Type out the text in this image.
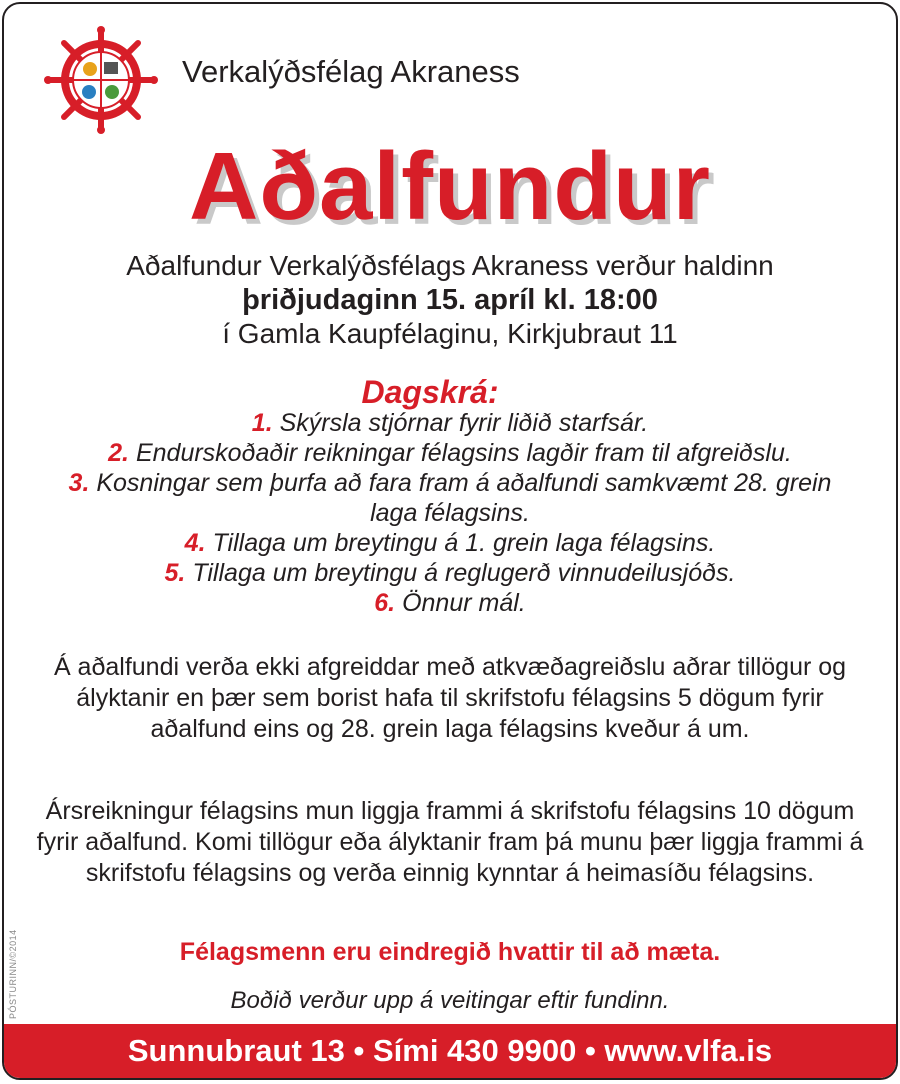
Verkalýðsfélag Akraness
Aðalfundur
Aðalfundur Verkalýðsfélags Akraness verður haldinn
þriðjudaginn 15. apríl kl. 18:00
í Gamla Kaupfélaginu, Kirkjubraut 11
Dagskrá:
1. Skýrsla stjórnar fyrir liðið starfsár.
2. Endurskoðaðir reikningar félagsins lagðir fram til afgreiðslu.
3. Kosningar sem þurfa að fara fram á aðalfundi samkvæmt 28. grein laga félagsins.
4. Tillaga um breytingu á 1. grein laga félagsins.
5. Tillaga um breytingu á reglugerð vinnudeilusjóðs.
6. Önnur mál.
Á aðalfundi verða ekki afgreiddar með atkvæðagreiðslu aðrar tillögur og ályktanir en þær sem borist hafa til skrifstofu félagsins 5 dögum fyrir aðalfund eins og 28. grein laga félagsins kveður á um.
Ársreikningur félagsins mun liggja frammi á skrifstofu félagsins 10 dögum fyrir aðalfund. Komi tillögur eða ályktanir fram þá munu þær liggja frammi á skrifstofu félagsins og verða einnig kynntar á heimasíðu félagsins.
Félagsmenn eru eindregið hvattir til að mæta.
Boðið verður upp á veitingar eftir fundinn.
PÓSTURINN/©2014
Sunnubraut 13 • Sími 430 9900 • www.vlfa.is
